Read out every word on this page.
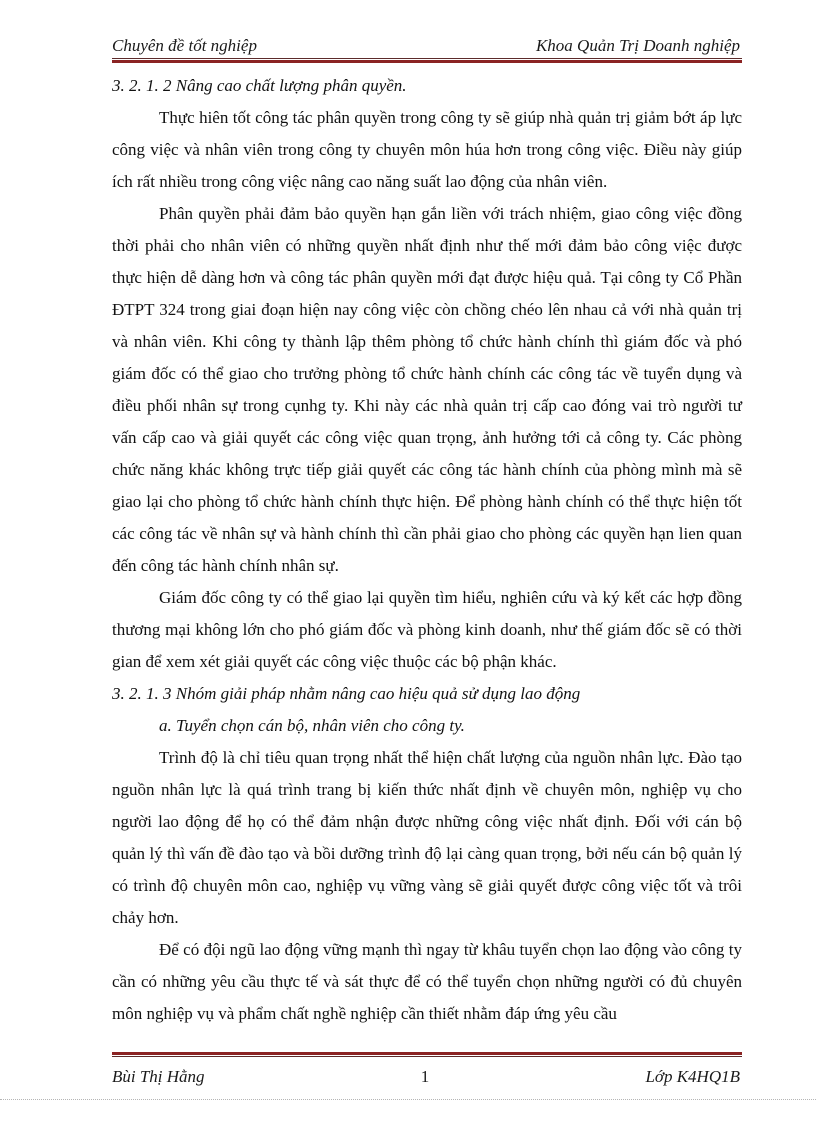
Chuyên đề tốt nghiệp	Khoa Quản Trị Doanh nghiệp

3. 2. 1. 2 Nâng cao chất lượng phân quyền.

Thực hiên tốt công tác phân quyền trong công ty sẽ giúp nhà quản trị giảm bớt áp lực công việc và nhân viên trong công ty chuyên môn húa hơn trong công việc. Điều này giúp ích rất nhiều trong công việc nâng cao năng suất lao động của nhân viên.

Phân quyền phải đảm bảo quyền hạn gắn liền với trách nhiệm, giao công việc đồng thời phải cho nhân viên có những quyền nhất định như thế mới đảm bảo công việc được thực hiện dễ dàng hơn và công tác phân quyền mới đạt được hiệu quả. Tại công ty Cổ Phần ĐTPT 324 trong giai đoạn hiện nay công việc còn chồng chéo lên nhau cả với nhà quản trị và nhân viên. Khi công ty thành lập thêm phòng tổ chức hành chính thì giám đốc và phó giám đốc có thể giao cho trưởng phòng tổ chức hành chính các công tác về tuyển dụng và điều phối nhân sự trong cụnhg ty. Khi này các nhà quản trị cấp cao đóng vai trò người tư vấn cấp cao và giải quyết các công việc quan trọng, ảnh hưởng tới cả công ty. Các phòng chức năng khác không trực tiếp giải quyết các công tác hành chính của phòng mình mà sẽ giao lại cho phòng tổ chức hành chính thực hiện. Để phòng hành chính có thể thực hiện tốt các công tác về nhân sự và hành chính thì cần phải giao cho phòng các quyền hạn lien quan đến công tác hành chính nhân sự.

Giám đốc công ty có thể giao lại quyền tìm hiểu, nghiên cứu và ký kết các hợp đồng thương mại không lớn cho phó giám đốc và phòng kinh doanh, như thế giám đốc sẽ có thời gian để xem xét giải quyết các công việc thuộc các bộ phận khác.

3. 2. 1. 3 Nhóm giải pháp nhằm nâng cao hiệu quả sử dụng lao động

a. Tuyển chọn cán bộ, nhân viên cho công ty.

Trình độ là chỉ tiêu quan trọng nhất thể hiện chất lượng của nguồn nhân lực. Đào tạo nguồn nhân lực là quá trình trang bị kiến thức nhất định về chuyên môn, nghiệp vụ cho người lao động để họ có thể đảm nhận được những công việc nhất định. Đối với cán bộ quản lý thì vấn đề đào tạo và bồi dưỡng trình độ lại càng quan trọng, bởi nếu cán bộ quản lý có trình độ chuyên môn cao, nghiệp vụ vững vàng sẽ giải quyết được công việc tốt và trôi chảy hơn.

Để có đội ngũ lao động vững mạnh thì ngay từ khâu tuyển chọn lao động vào công ty cần có những yêu cầu thực tế và sát thực để có thể tuyển chọn những người có đủ chuyên môn nghiệp vụ và phẩm chất nghề nghiệp cần thiết nhằm đáp ứng yêu cầu

Bùi Thị Hằng	1	Lớp K4HQ1B
